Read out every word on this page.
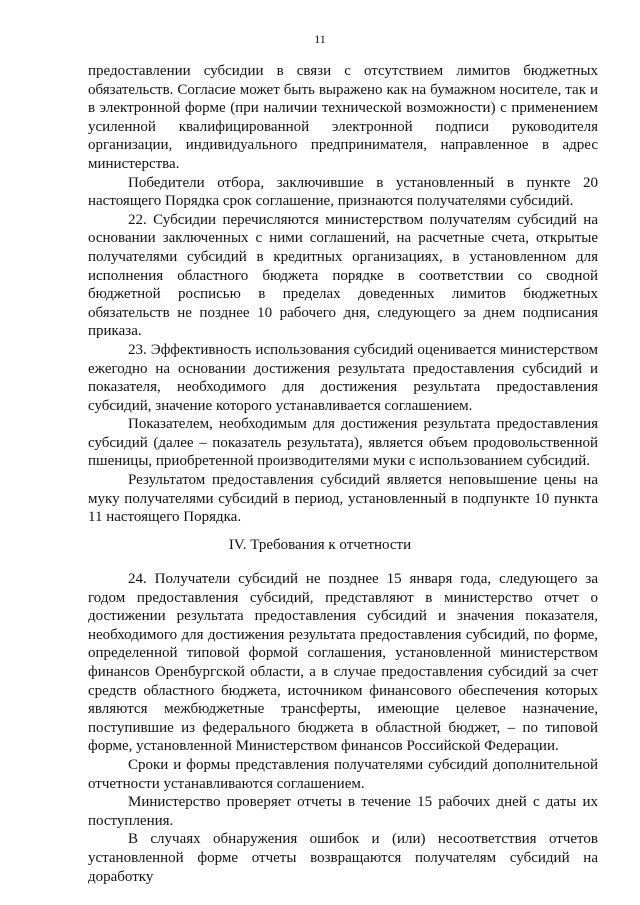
11

предоставлении субсидии в связи с отсутствием лимитов бюджетных обязательств. Согласие может быть выражено как на бумажном носителе, так и в электронной форме (при наличии технической возможности) с применением усиленной квалифицированной электронной подписи руководителя организации, индивидуального предпринимателя, направленное в адрес министерства.

Победители отбора, заключившие в установленный в пункте 20 настоящего Порядка срок соглашение, признаются получателями субсидий.

22. Субсидии перечисляются министерством получателям субсидий на основании заключенных с ними соглашений, на расчетные счета, открытые получателями субсидий в кредитных организациях, в установленном для исполнения областного бюджета порядке в соответствии со сводной бюджетной росписью в пределах доведенных лимитов бюджетных обязательств не позднее 10 рабочего дня, следующего за днем подписания приказа.

23. Эффективность использования субсидий оценивается министерством ежегодно на основании достижения результата предоставления субсидий и показателя, необходимого для достижения результата предоставления субсидий, значение которого устанавливается соглашением.

Показателем, необходимым для достижения результата предоставления субсидий (далее – показатель результата), является объем продовольственной пшеницы, приобретенной производителями муки с использованием субсидий.

Результатом предоставления субсидий является неповышение цены на муку получателями субсидий в период, установленный в подпункте 10 пункта 11 настоящего Порядка.

IV. Требования к отчетности

24. Получатели субсидий не позднее 15 января года, следующего за годом предоставления субсидий, представляют в министерство отчет о достижении результата предоставления субсидий и значения показателя, необходимого для достижения результата предоставления субсидий, по форме, определенной типовой формой соглашения, установленной министерством финансов Оренбургской области, а в случае предоставления субсидий за счет средств областного бюджета, источником финансового обеспечения которых являются межбюджетные трансферты, имеющие целевое назначение, поступившие из федерального бюджета в областной бюджет, – по типовой форме, установленной Министерством финансов Российской Федерации.

Сроки и формы представления получателями субсидий дополнительной отчетности устанавливаются соглашением.

Министерство проверяет отчеты в течение 15 рабочих дней с даты их поступления.

В случаях обнаружения ошибок и (или) несоответствия отчетов установленной форме отчеты возвращаются получателям субсидий на доработку
